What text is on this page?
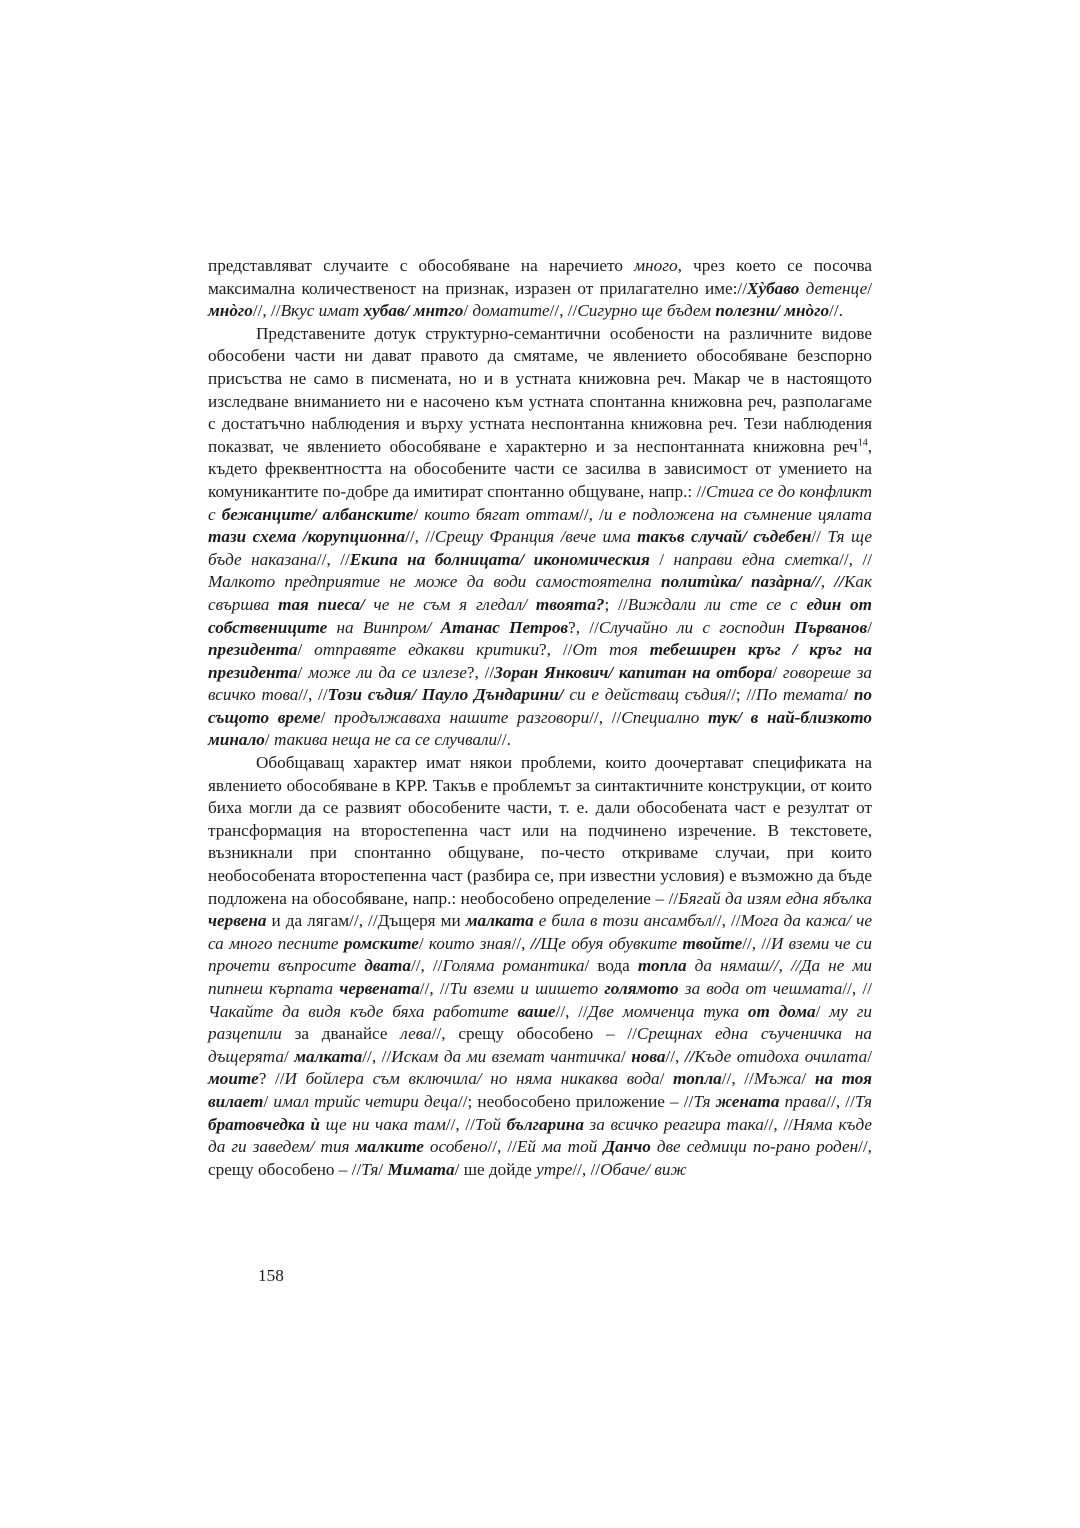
представляват случаите с обособяване на наречието много, чрез което се посочва максимална количественост на признак, изразен от прилагателно име://Хỳбаво детенце/ мнòго//, //Вкус имат хубав/ мнтго/ доматите//, //Сигурно ще бъдем полезни/ мнòго//.

Представените дотук структурно-семантични особености на различните видове обособени части ни дават правото да смятаме, че явлението обособяване безспорно присъства не само в писмената, но и в устната книжовна реч. Макар че в настоящото изследване вниманието ни е насочено към устната спонтанна книжовна реч, разполагаме с достатъчно наблюдения и върху устната неспонтанна книжовна реч. Тези наблюдения показват, че явлението обособяване е характерно и за неспонтанната книжовна реч$^{14}$, където фреквентността на обособените части се засилва в зависимост от умението на комуникантите по-добре да имитират спонтанно общуване, напр.: //Стига се до конфликт с бежанците/ албанските/ които бягат оттам//, /и е подложена на съмнение цялата тази схема /корупционна//, //Срещу Франция /вече има такъв случай/ съдебен// Тя ще бъде наказана//, //Екипа на болницата/ икономическия / направи една сметка//, //Малкото предприятие не може да води самостоятелна политѝка/ пазàрна//, //Как свършва тая пиеса/ че не съм я гледал/ твоята?; //Виждали ли сте се с един от собствениците на Винпром/ Атанас Петров?, //Случайно ли с господин Първанов/ президента/ отправяте едкакви критики?, //От тоя тебеширен кръг / кръг на президента/ може ли да се излезе?, //Зоран Янкович/ капитан на отбора/ говореше за всичко това//, //Този съдия/ Пауло Дъндарини/ си е действащ съдия//; //По темата/ по същото време/ продължавахa нашите разговори//, //Специално тук/ в най-близкото минало/ такива неща не са се случвали//.

Обобщаващ характер имат някои проблеми, които доочертават спецификата на явлението обособяване в КРР. Такъв е проблемът за синтактичните конструкции, от които биха могли да се развият обособените части, т. е. дали обособената част е резултат от трансформация на второстепенна част или на подчинено изречение. В текстовете, възникнали при спонтанно общуване, по-често откриваме случаи, при които необособената второстепенна част (разбира се, при известни условия) е възможно да бъде подложена на обособяване, напр.: необособено определение – //Бягай да изям една ябълка червена и да лягам//, //Дъщеря ми малката е била в този ансамбъл//, //Мога да кажа/ че са много песните ромските/ които зная//, //Ще обуя обувките твойте//, //И вземи че си прочети въпросите двата//, //Голяма романтика/ вода топла да нямаш//, //Да не ми пипнеш кърпата червената//, //Ти вземи и шишето голямото за вода от чешмата//, //Чакайте да видя къде бяха работите ваше//, //Две момченца тука от дома/ му ги разцепили за дванайсе лева//, срещу обособено – //Срещнах една съученичка на дъщерята/ малката//, //Искам да ми вземат чантичка/ нова//, //Къде отидоха очилата/ моите? //И бойлера съм включила/ но няма никаква вода/ топла//, //Мъжа/ на тоя вилает/ имал трийс четири деца//; необособено приложение – //Тя жената права//, //Тя братовчедка ѝ ще ни чака там//, //Той българина за всичко реагира така//, //Няма къде да ги заведем/ тия малките особено//, //Ей ма той Данчо две седмици по-рано роден//, срещу обособено – //Тя/ Мимата/ ше дойде утре//, //Обаче/ виж

158
